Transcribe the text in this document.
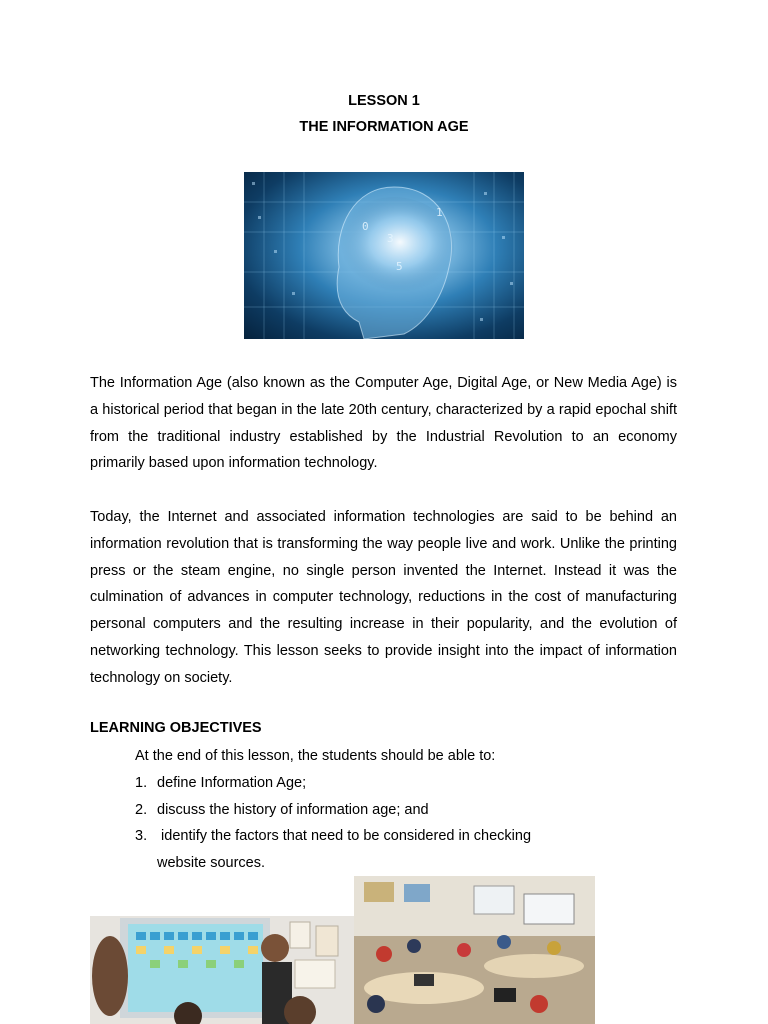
LESSON 1
THE INFORMATION AGE
3
5
0
1

The Information Age (also known as the Computer Age, Digital Age, or New Media Age) is a historical period that began in the late 20th century, characterized by a rapid epochal shift from the traditional industry established by the Industrial Revolution to an economy primarily based upon information technology.

Today, the Internet and associated information technologies are said to be behind an information revolution that is transforming the way people live and work. Unlike the printing press or the steam engine, no single person invented the Internet. Instead it was the culmination of advances in computer technology, reductions in the cost of manufacturing personal computers and the resulting increase in their popularity, and the evolution of networking technology. This lesson seeks to provide insight into the impact of information technology on society.

LEARNING OBJECTIVES
At the end of this lesson, the students should be able to:
1. define Information Age;
2. discuss the history of information age; and
3. identify the factors that need to be considered in checking
website sources.
